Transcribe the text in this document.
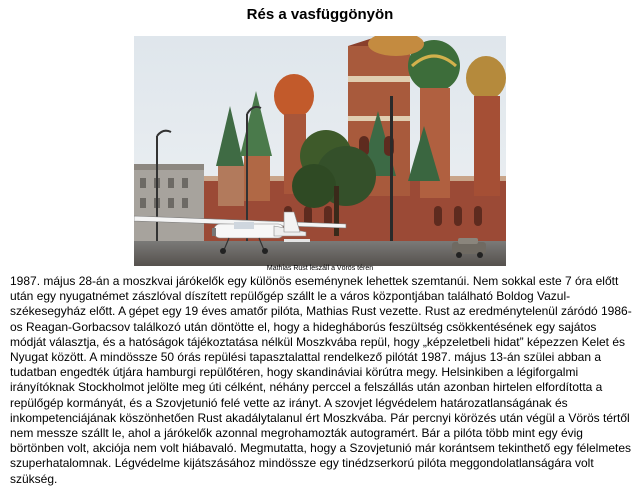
Rés a vasfüggönyön
Mathias Rust leszáll a Vörös téren
1987. május 28-án a moszkvai járókelők egy különös eseménynek lehettek szemtanúi. Nem sokkal este 7 óra előtt után egy nyugatnémet zászlóval díszített repülőgép szállt le a város központjában található Boldog Vazul-székesegyház előtt. A gépet egy 19 éves amatőr pilóta, Mathias Rust vezette. Rust az eredménytelenül záródó 1986-os Reagan-Gorbacsov találkozó után döntötte el, hogy a hidegháborús feszültség csökkentésének egy sajátos módját választja, és a hatóságok tájékoztatása nélkül Moszkvába repül, hogy „képzeletbeli hidat” képezzen Kelet és Nyugat között. A mindössze 50 órás repülési tapasztalattal rendelkező pilótát 1987. május 13-án szülei abban a tudatban engedték útjára hamburgi repülőtéren, hogy skandináviai körútra megy. Helsinkiben a légiforgalmi irányítóknak Stockholmot jelölte meg úti célként, néhány perccel a felszállás után azonban hirtelen elfordította a repülőgép kormányát, és a Szovjetunió felé vette az irányt. A szovjet légvédelem határozatlanságának és inkompetenciájának köszönhetően Rust akadálytalanul ért Moszkvába. Pár percnyi körözés után végül a Vörös tértől nem messze szállt le, ahol a járókelők azonnal megrohamozták autogramért. Bár a pilóta több mint egy évig börtönben volt, akciója nem volt hiábavaló. Megmutatta, hogy a Szovjetunió már korántsem tekinthető egy félelmetes szuperhatalomnak. Légvédelme kijátszásához mindössze egy tinédzserkorú pilóta meggondolatlanságára volt szükség.
